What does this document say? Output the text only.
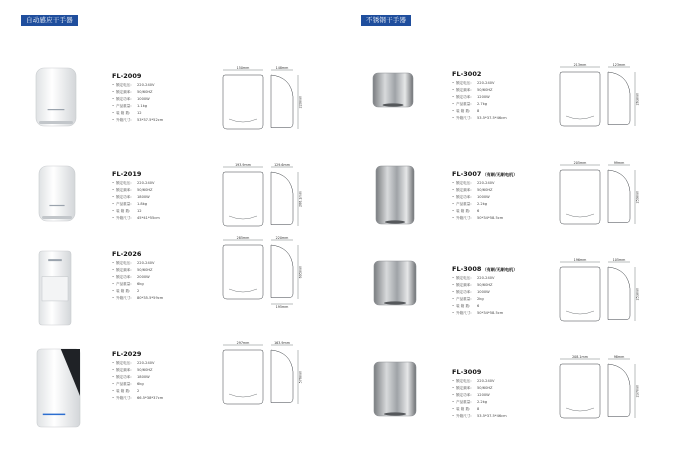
自动感应干手器	不锈钢干手器
FL-2009
• 额定电压: 220-240V
• 额定频率: 50/60HZ
• 额定功率: 1000W
• 产品重量: 1.1kg
• 装 箱 数: 12
• 外箱尺寸: 53*37.5*52cm
150mm	148mm
220mm
FL-2019
• 额定电压: 220-240V
• 额定频率: 50/60HZ
• 额定功率: 1800W
• 产品重量: 1.8kg
• 装 箱 数: 12
• 外箱尺寸: 45*41*55cm
193.9mm	129.6mm
266.1mm
FL-2026
• 额定电压: 220-240V
• 额定频率: 50/60HZ
• 额定功率: 2000W
• 产品重量: 6kg
• 装 箱 数: 2
• 外箱尺寸: 80*35.5*59cm
285mm	220mm
695mm
195mm
FL-2029
• 额定电压: 220-240V
• 额定频率: 50/60HZ
• 额定功率: 1800W
• 产品重量: 6kg
• 装 箱 数: 2
• 外箱尺寸: 66.5*38*37cm
297mm	163.9mm
576mm
FL-3002
• 额定电压: 220-240V
• 额定频率: 50/60HZ
• 额定功率: 1200W
• 产品重量: 2.7kg
• 装 箱 数: 8
• 外箱尺寸: 53.5*37.5*46cm
213mm	123mm
263mm
FL-3007（有刷/无刷电机）
• 额定电压: 220-240V
• 额定频率: 50/60HZ
• 额定功率: 1000W
• 产品重量: 2.2kg
• 装 箱 数: 6
• 外箱尺寸: 50*34*58.5cm
205mm	99mm
259mm
FL-3008（有刷/无刷电机）
• 额定电压: 220-240V
• 额定频率: 50/60HZ
• 额定功率: 1000W
• 产品重量: 2kg
• 装 箱 数: 6
• 外箱尺寸: 50*34*58.5cm
196mm	105mm
253mm
FL-3009
• 额定电压: 220-240V
• 额定频率: 50/60HZ
• 额定功率: 1200W
• 产品重量: 2.2kg
• 装 箱 数: 8
• 外箱尺寸: 53.5*37.5*46cm
208.1mm	98mm
237mm
